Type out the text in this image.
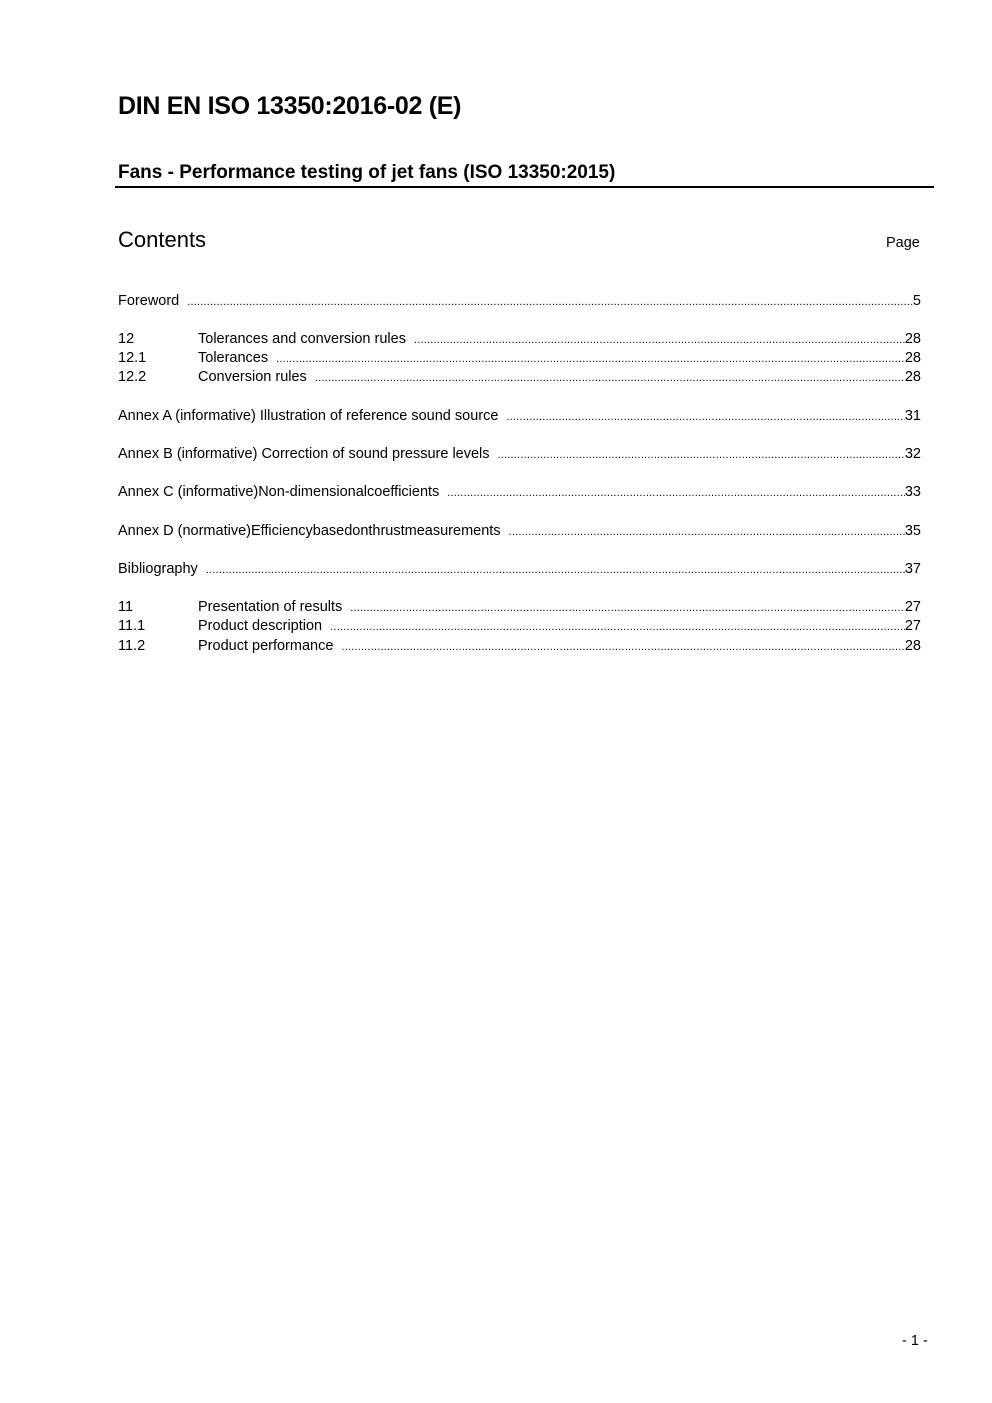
DIN EN ISO 13350:2016-02 (E)
Fans - Performance testing of jet fans (ISO 13350:2015)
Contents	Page
Foreword .....	5
12	Tolerances and conversion rules .....	28
12.1	Tolerances .....	28
12.2	Conversion rules .....	28
Annex A (informative) Illustration of reference sound source .....	31
Annex B (informative) Correction of sound pressure levels .....	32
Annex C (informative)Non-dimensionalcoefficients .....	33
Annex D (normative)Efficiencybasedonthrustmeasurements .....	35
Bibliography .....	37
11	Presentation of results .....	27
11.1	Product description .....	27
11.2	Product performance .....	28
- 1 -
